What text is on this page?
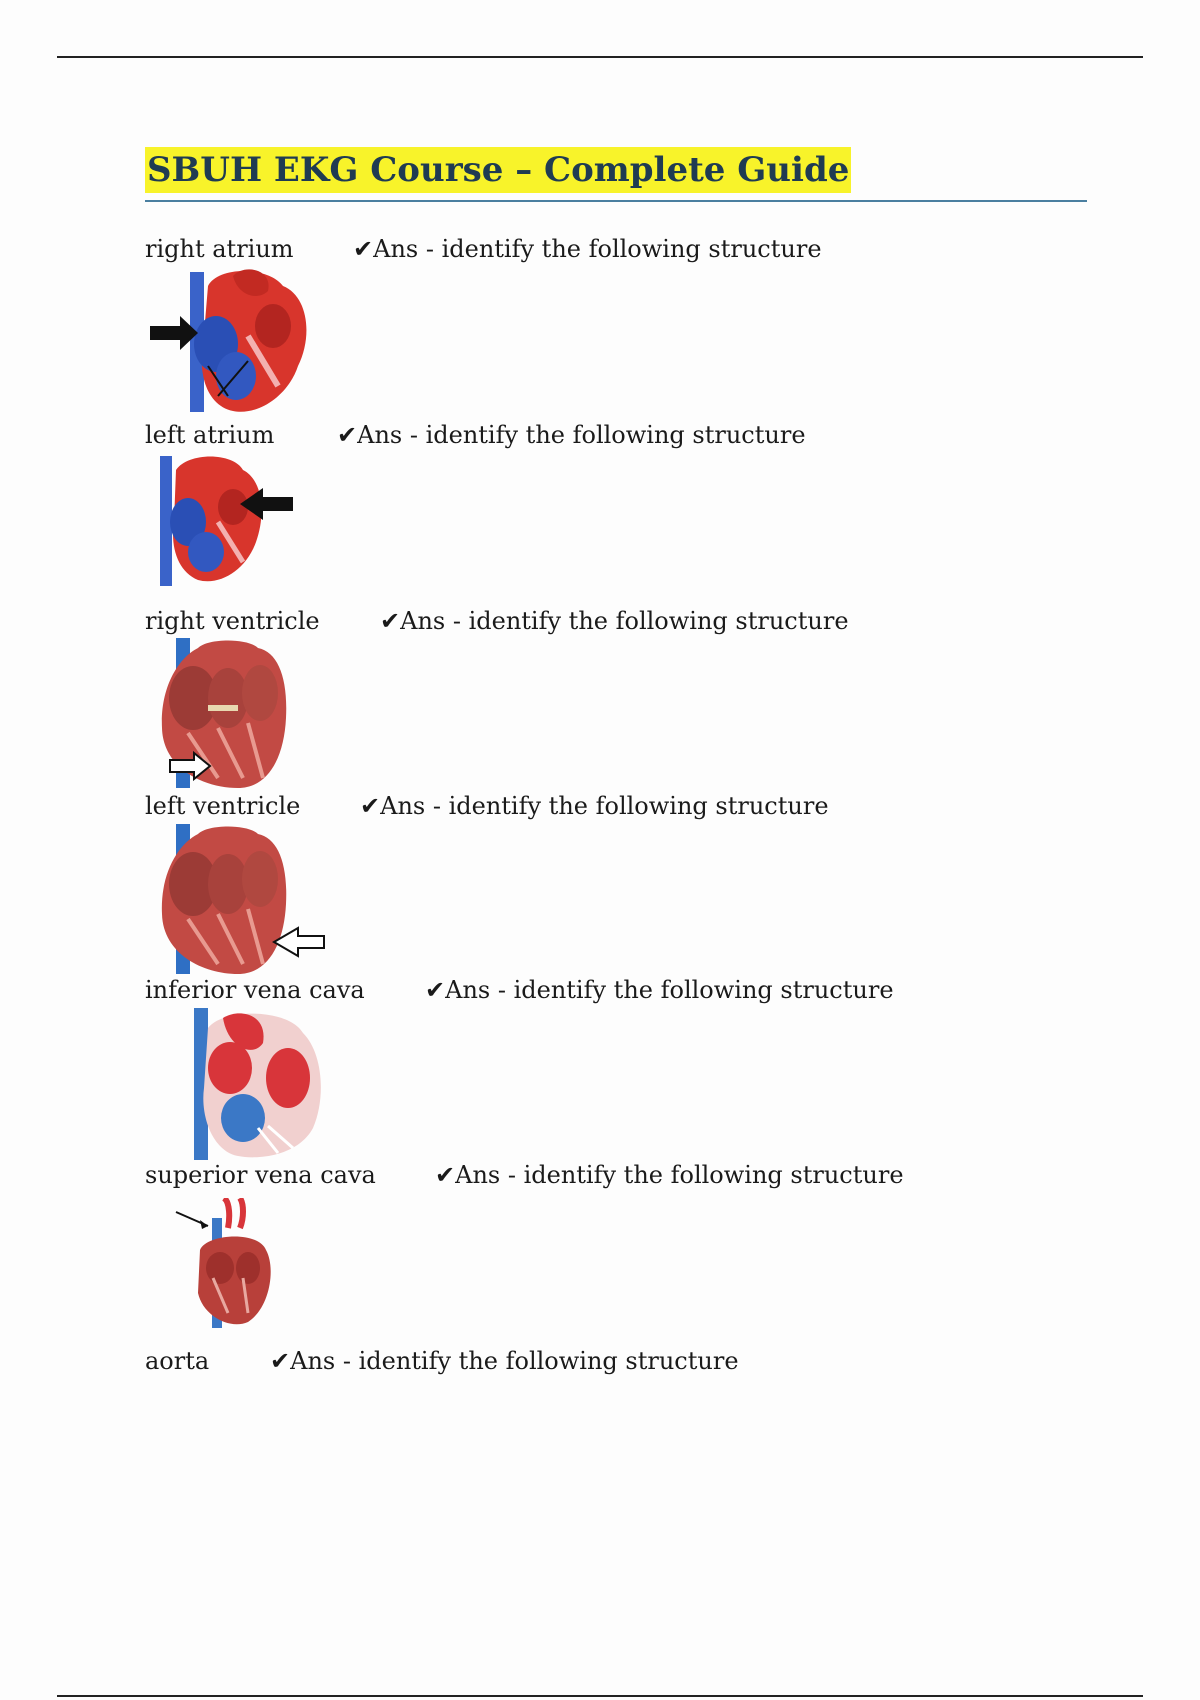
SBUH EKG Course – Complete Guide
right atrium ✔Ans - identify the following structure
left atrium	✔Ans - identify the following structure
right ventricle	✔Ans - identify the following structure
left ventricle ✔Ans - identify the following structure
inferior vena cava	✔Ans - identify the following structure
superior vena cava ✔Ans - identify the following structure
aorta	✔Ans - identify the following structure
